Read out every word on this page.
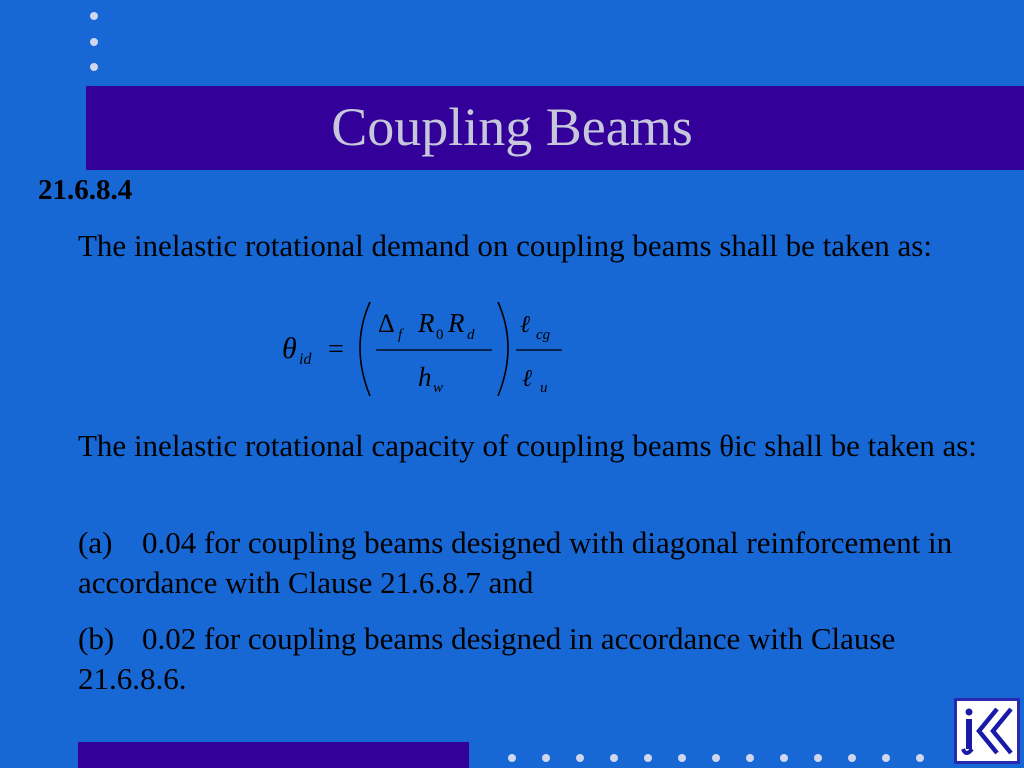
Coupling Beams
21.6.8.4
The inelastic rotational demand on coupling beams shall be taken as:
θ id =
Δ f R 0 R d
h w
ℓ cg
ℓ u
The inelastic rotational capacity of coupling beams θic shall be taken as:
(a) 0.04 for coupling beams designed with diagonal reinforcement in accordance with Clause 21.6.8.7 and
(b) 0.02 for coupling beams designed in accordance with Clause 21.6.8.6.
